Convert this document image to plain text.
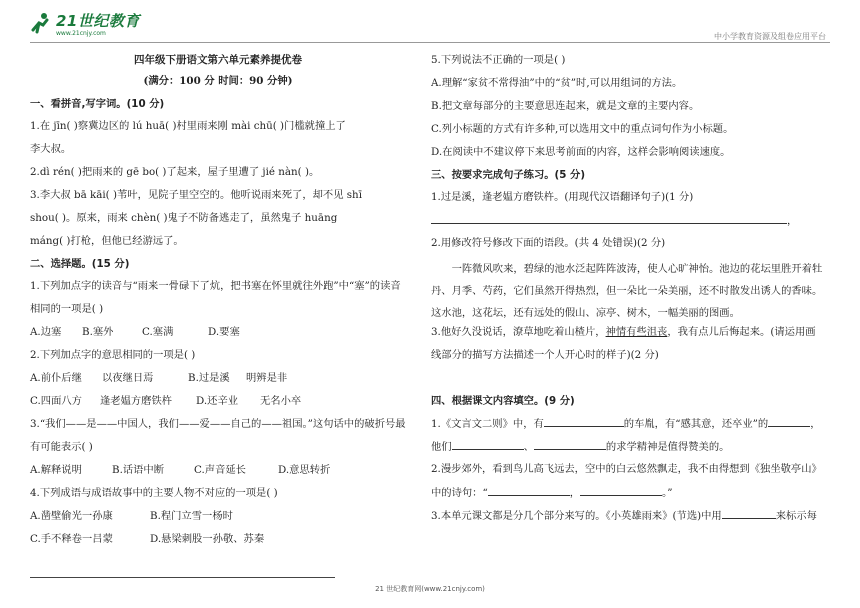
21世纪教育
www.21cnjy.com	中小学教育资源及组卷应用平台
四年级下册语文第六单元素养提优卷
(满分：100 分 时间：90 分钟)
一、看拼音,写字词。(10 分)
1.在 jīn( )察冀边区的 lú huā( )村里雨来刚 mài chū( )门槛就撞上了
李大叔。
2.dì rén( )把雨来的 gē bo( )了起来，屋子里遭了 jié nàn( )。
3.李大叔 bā kāi( )苇叶，见院子里空空的。他听说雨来死了，却不见 shī
shou( )。原来，雨来 chèn( )鬼子不防备逃走了，虽然鬼子 huāng
máng( )打枪，但他已经游远了。
二、选择题。(15 分)
1.下列加点字的读音与“雨来一骨碌下了炕，把书塞在怀里就往外跑”中“塞”的读音
相同的一项是( )
A.边塞	B.塞外	C.塞满	D.要塞
2.下列加点字的意思相同的一项是( )
A.前仆后继	以夜继日焉	B.过是溪	明辨是非
C.四面八方	逢老媪方磨铁杵	D.还辛业	无名小卒
3.“我们——是——中国人，我们——爱——自己的——祖国。”这句话中的破折号最
有可能表示( )
A.解释说明	B.话语中断	C.声音延长	D.意思转折
4.下列成语与成语故事中的主要人物不对应的一项是( )
A.凿壁偷光一孙康	B.程门立雪一杨时
C.手不释卷一吕蒙	D.悬梁刺股一孙敬、苏秦
5.下列说法不正确的一项是( )
A.理解“家贫不常得油”中的“贫”时,可以用组词的方法。
B.把文章每部分的主要意思连起来，就是文章的主要内容。
C.列小标题的方式有许多种,可以选用文中的重点词句作为小标题。
D.在阅读中不建议停下来思考前面的内容，这样会影响阅读速度。
三、按要求完成句子练习。(5 分)
1.过是溪，逢老媪方磨铁杵。(用现代汉语翻译句子)(1 分)
，
2.用修改符号修改下面的语段。(共 4 处错误)(2 分)
一阵微风吹来，碧绿的池水泛起阵阵波涛，使人心旷神怡。池边的花坛里胜开着牡丹、月季、芍药，它们虽然开得热烈，但一朵比一朵美丽，还不时散发出诱人的香味。这水池，这花坛，还有远处的假山、凉亭、树木，一幅美丽的图画。
3.他好久没说话，潦草地吃着山楂片，神情有些沮丧，我有点儿后悔起来。(请运用画
线部分的描写方法描述一个人开心时的样子)(2 分)
四、根据课文内容填空。(9 分)
1.《文言文二则》中，有	的车胤，有“感其意，还卒业”的	，
他们	、	的求学精神是值得赞美的。
2.漫步郊外，看到鸟儿高飞远去，空中的白云悠然飘走，我不由得想到《独坐敬亭山》
中的诗句：“	，	。”
3.本单元课文都是分几个部分来写的。《小英雄雨来》(节选)中用	来标示每
21 世纪教育网(www.21cnjy.com)
